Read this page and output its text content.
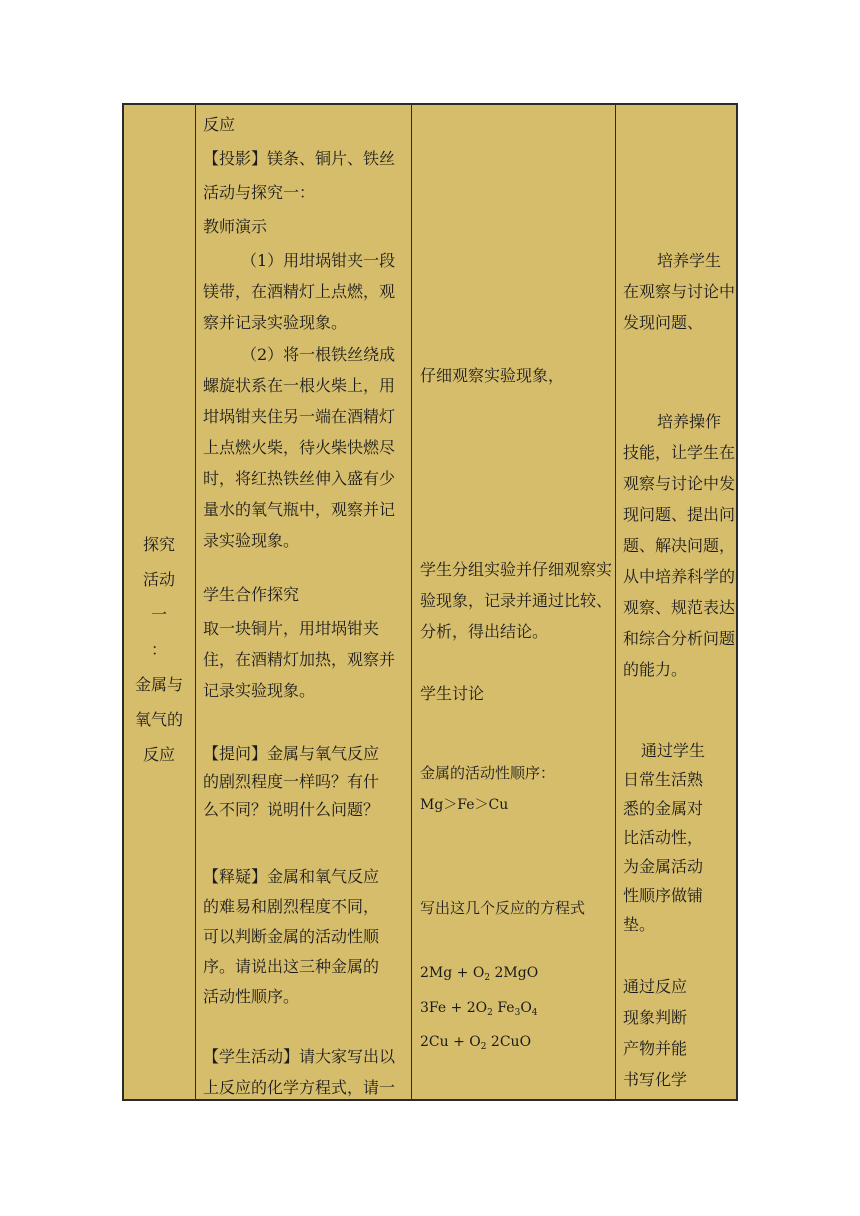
探究
活动
一
：
金属与
氧气的
反应
反应
【投影】镁条、铜片、铁丝
活动与探究一：
教师演示
（1）用坩埚钳夹一段镁带，在酒精灯上点燃，观察并记录实验现象。
（2）将一根铁丝绕成螺旋状系在一根火柴上，用坩埚钳夹住另一端在酒精灯上点燃火柴，待火柴快燃尽时，将红热铁丝伸入盛有少量水的氧气瓶中，观察并记录实验现象。
学生合作探究
取一块铜片，用坩埚钳夹住，在酒精灯加热，观察并记录实验现象。
【提问】金属与氧气反应的剧烈程度一样吗？有什么不同？说明什么问题？
【释疑】金属和氧气反应的难易和剧烈程度不同，可以判断金属的活动性顺序。请说出这三种金属的活动性顺序。
【学生活动】请大家写出以上反应的化学方程式，请一
仔细观察实验现象，
学生分组实验并仔细观察实验现象，记录并通过比较、分析，得出结论。
学生讨论
金属的活动性顺序：
Mg＞Fe＞Cu
写出这几个反应的方程式
$2Mg + O_2$ 2MgO
$3Fe + 2O_2$ $Fe_3O_4$
$2Cu + O_2$ 2CuO
培养学生在观察与讨论中发现问题、
培养操作技能，让学生在观察与讨论中发现问题、提出问题、解决问题，从中培养科学的观察、规范表达和综合分析问题的能力。
通过学生日常生活熟悉的金属对比活动性，为金属活动性顺序做铺垫。
通过反应现象判断产物并能书写化学
